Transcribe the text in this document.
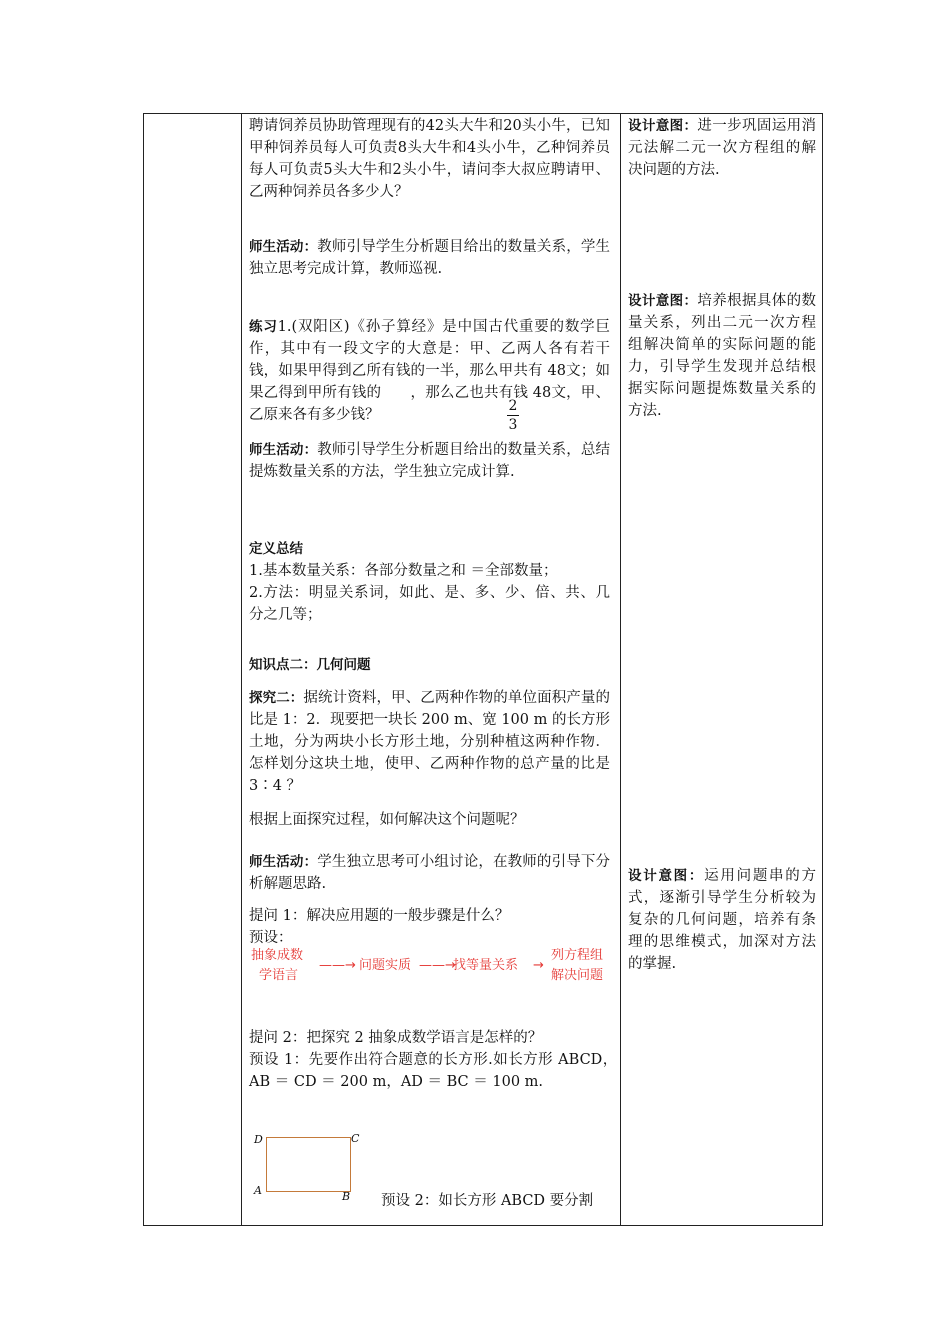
聘请饲养员协助管理现有的42头大牛和20头小牛，已知甲种饲养员每人可负责8头大牛和4头小牛，乙种饲养员每人可负责5头大牛和2头小牛，请问李大叔应聘请甲、乙两种饲养员各多少人？

师生活动：教师引导学生分析题目给出的数量关系，学生独立思考完成计算，教师巡视.

练习1.(双阳区)《孙子算经》是中国古代重要的数学巨作，其中有一段文字的大意是：甲、乙两人各有若干钱，如果甲得到乙所有钱的一半，那么甲共有 48文；如果乙得到甲所有钱的　　，那么乙也共有钱 48文，甲、乙原来各有多少钱？

师生活动：教师引导学生分析题目给出的数量关系，总结提炼数量关系的方法，学生独立完成计算.

定义总结

1.基本数量关系：各部分数量之和 ＝全部数量；

2.方法：明显关系词，如此、是、多、少、倍、共、几分之几等；

知识点二：几何问题

探究二：据统计资料，甲、乙两种作物的单位面积产量的比是 1：2．现要把一块长 200 m、宽 100 m 的长方形土地，分为两块小长方形土地，分别种植这两种作物．怎样划分这块土地，使甲、乙两种作物的总产量的比是 3∶4 ？

根据上面探究过程，如何解决这个问题呢？

师生活动：学生独立思考可小组讨论，在教师的引导下分析解题思路.

提问 1：解决应用题的一般步骤是什么？

预设：

提问 2：把探究 2 抽象成数学语言是怎样的？

预设 1：先要作出符合题意的长方形.如长方形 ABCD，　AB ＝ CD ＝ 200 m，AD ＝ BC ＝ 100 m.

2
3
抽象成数
学语言
——→ 问题实质 ——→
找等量关系 →
列方程组
解决问题
D	C
A	B 预设 2：如长方形 ABCD 要分割

设计意图：进一步巩固运用消元法解二元一次方程组的解决问题的方法.

设计意图：培养根据具体的数量关系，列出二元一次方程组解决简单的实际问题的能力，引导学生发现并总结根据实际问题提炼数量关系的方法.

设计意图：运用问题串的方式，逐渐引导学生分析较为复杂的几何问题，培养有条理的思维模式，加深对方法的掌握.
